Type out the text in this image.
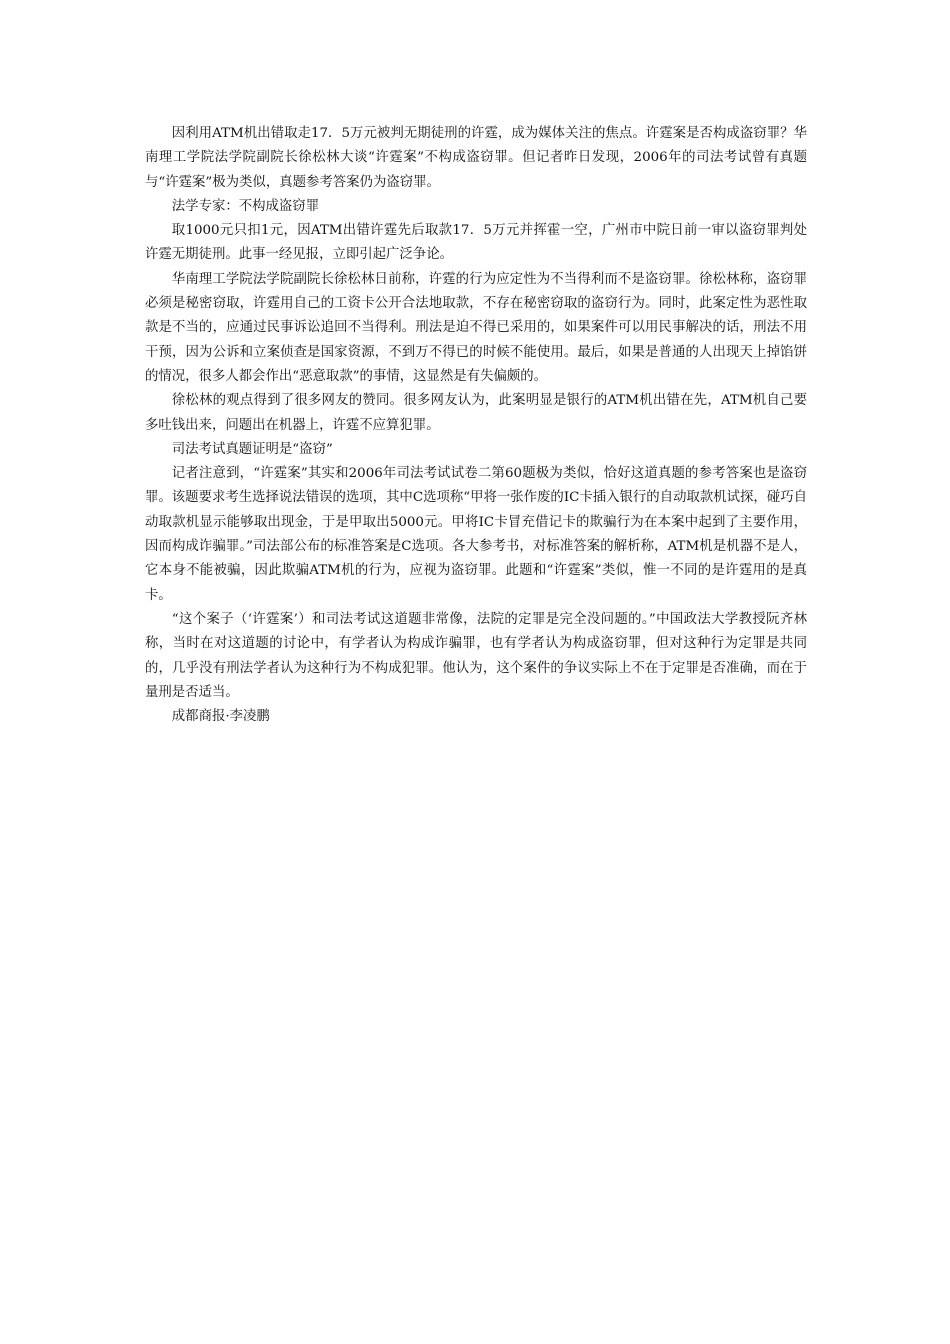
因利用ATM机出错取走17．5万元被判无期徒刑的许霆，成为媒体关注的焦点。许霆案是否构成盗窃罪？华南理工学院法学院副院长徐松林大谈“许霆案”不构成盗窃罪。但记者昨日发现，2006年的司法考试曾有真题与“许霆案”极为类似，真题参考答案仍为盗窃罪。

法学专家：不构成盗窃罪

取1000元只扣1元，因ATM出错许霆先后取款17．5万元并挥霍一空，广州市中院日前一审以盗窃罪判处许霆无期徒刑。此事一经见报，立即引起广泛争论。

华南理工学院法学院副院长徐松林日前称，许霆的行为应定性为不当得利而不是盗窃罪。徐松林称，盗窃罪必须是秘密窃取，许霆用自己的工资卡公开合法地取款，不存在秘密窃取的盗窃行为。同时，此案定性为恶性取款是不当的，应通过民事诉讼追回不当得利。刑法是迫不得已采用的，如果案件可以用民事解决的话，刑法不用干预，因为公诉和立案侦查是国家资源，不到万不得已的时候不能使用。最后，如果是普通的人出现天上掉馅饼的情况，很多人都会作出“恶意取款”的事情，这显然是有失偏颇的。

徐松林的观点得到了很多网友的赞同。很多网友认为，此案明显是银行的ATM机出错在先，ATM机自己要多吐钱出来，问题出在机器上，许霆不应算犯罪。

司法考试真题证明是“盗窃”

记者注意到，“许霆案”其实和2006年司法考试试卷二第60题极为类似，恰好这道真题的参考答案也是盗窃罪。该题要求考生选择说法错误的选项，其中C选项称“甲将一张作废的IC卡插入银行的自动取款机试探，碰巧自动取款机显示能够取出现金，于是甲取出5000元。甲将IC卡冒充借记卡的欺骗行为在本案中起到了主要作用，因而构成诈骗罪。”司法部公布的标准答案是C选项。各大参考书，对标准答案的解析称，ATM机是机器不是人，它本身不能被骗，因此欺骗ATM机的行为，应视为盗窃罪。此题和“许霆案”类似，惟一不同的是许霆用的是真卡。

“这个案子（‘许霆案’）和司法考试这道题非常像，法院的定罪是完全没问题的。”中国政法大学教授阮齐林称，当时在对这道题的讨论中，有学者认为构成诈骗罪，也有学者认为构成盗窃罪，但对这种行为定罪是共同的，几乎没有刑法学者认为这种行为不构成犯罪。他认为，这个案件的争议实际上不在于定罪是否准确，而在于量刑是否适当。

成都商报·李凌鹏
